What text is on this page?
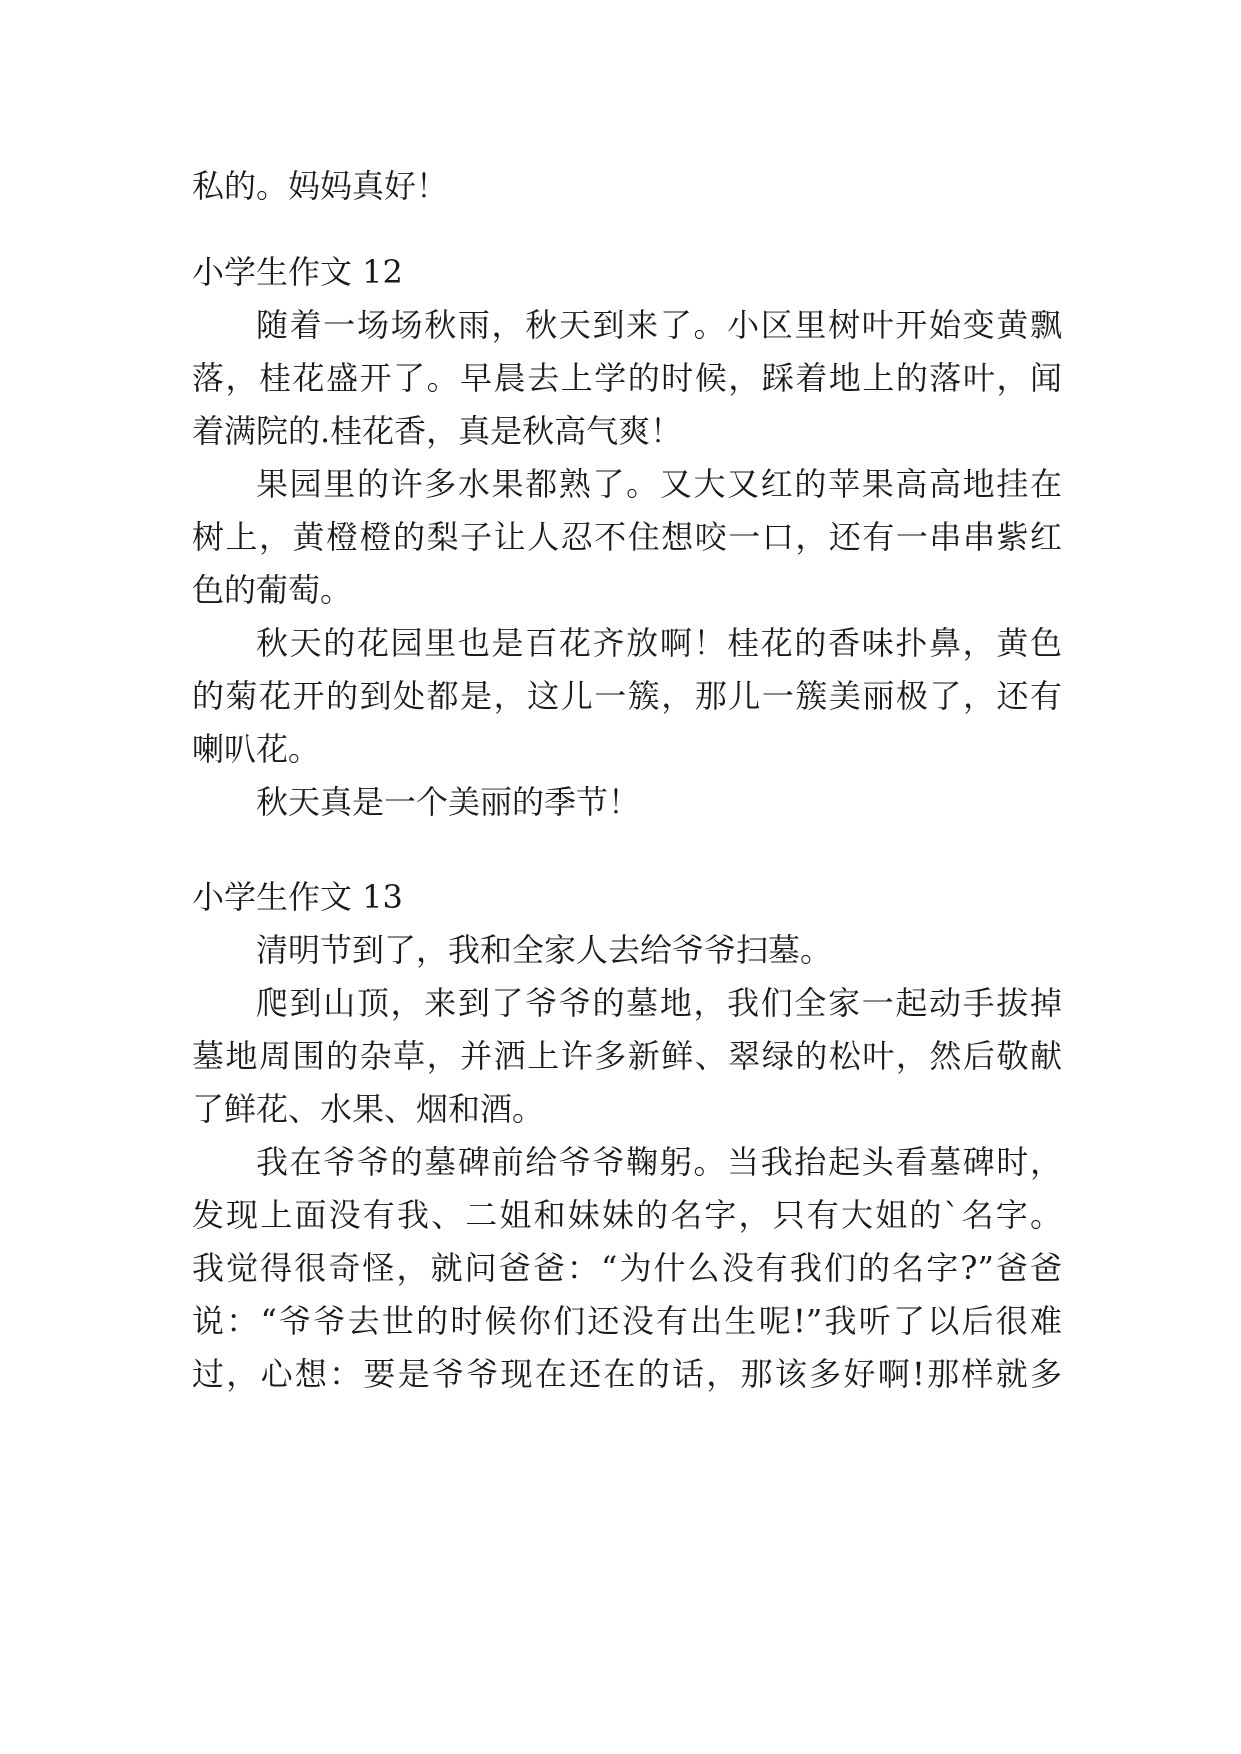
私的。妈妈真好！
小学生作文 12
随着一场场秋雨，秋天到来了。小区里树叶开始变黄飘
落，桂花盛开了。早晨去上学的时候，踩着地上的落叶，闻
着满院的.桂花香，真是秋高气爽！
果园里的许多水果都熟了。又大又红的苹果高高地挂在
树上，黄橙橙的梨子让人忍不住想咬一口，还有一串串紫红
色的葡萄。
秋天的花园里也是百花齐放啊！桂花的香味扑鼻，黄色
的菊花开的到处都是，这儿一簇，那儿一簇美丽极了，还有
喇叭花。
秋天真是一个美丽的季节！
小学生作文 13
清明节到了，我和全家人去给爷爷扫墓。
爬到山顶，来到了爷爷的墓地，我们全家一起动手拔掉
墓地周围的杂草，并洒上许多新鲜、翠绿的松叶，然后敬献
了鲜花、水果、烟和酒。
我在爷爷的墓碑前给爷爷鞠躬。当我抬起头看墓碑时，
发现上面没有我、二姐和妹妹的名字，只有大姐的`名字。
我觉得很奇怪，就问爸爸：“为什么没有我们的名字?”爸爸
说：“爷爷去世的时候你们还没有出生呢!”我听了以后很难
过，心想：要是爷爷现在还在的话，那该多好啊!那样就多
